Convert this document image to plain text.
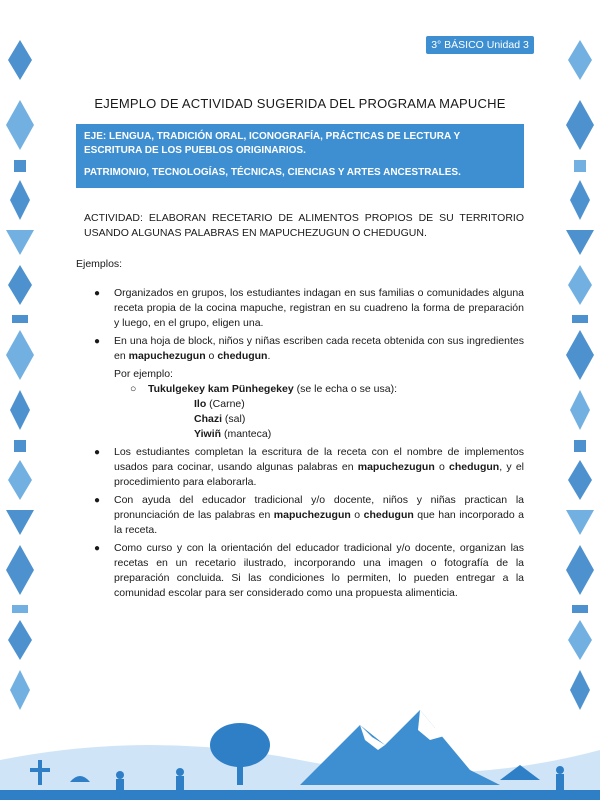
3° BÁSICO Unidad 3
EJEMPLO DE ACTIVIDAD SUGERIDA DEL PROGRAMA MAPUCHE

EJE: LENGUA, TRADICIÓN ORAL, ICONOGRAFÍA, PRÁCTICAS DE LECTURA Y ESCRITURA DE LOS PUEBLOS ORIGINARIOS.

PATRIMONIO, TECNOLOGÍAS, TÉCNICAS, CIENCIAS Y ARTES ANCESTRALES.

ACTIVIDAD: ELABORAN RECETARIO DE ALIMENTOS PROPIOS DE SU TERRITORIO USANDO ALGUNAS PALABRAS EN MAPUCHEZUGUN O CHEDUGUN.
Ejemplos:
● Organizados en grupos, los estudiantes indagan en sus familias o comunidades alguna receta propia de la cocina mapuche, registran en su cuadreno la forma de preparación y luego, en el grupo, eligen una.
● En una hoja de block, niños y niñas escriben cada receta obtenida con sus ingredientes en mapuchezugun o chedugun.
Por ejemplo:
○ Tukulgekey kam Pünhegekey (se le echa o se usa):
Ilo (Carne)
Chazi (sal)
Yiwiñ (manteca)
● Los estudiantes completan la escritura de la receta con el nombre de implementos usados para cocinar, usando algunas palabras en mapuchezugun o chedugun, y el procedimiento para elaborarla.
● Con ayuda del educador tradicional y/o docente, niños y niñas practican la pronunciación de las palabras en mapuchezugun o chedugun que han incorporado a la receta.
● Como curso y con la orientación del educador tradicional y/o docente, organizan las recetas en un recetario ilustrado, incorporando una imagen o fotografía de la preparación concluida. Si las condiciones lo permiten, lo pueden entregar a la comunidad escolar para ser considerado como una propuesta alimenticia.
